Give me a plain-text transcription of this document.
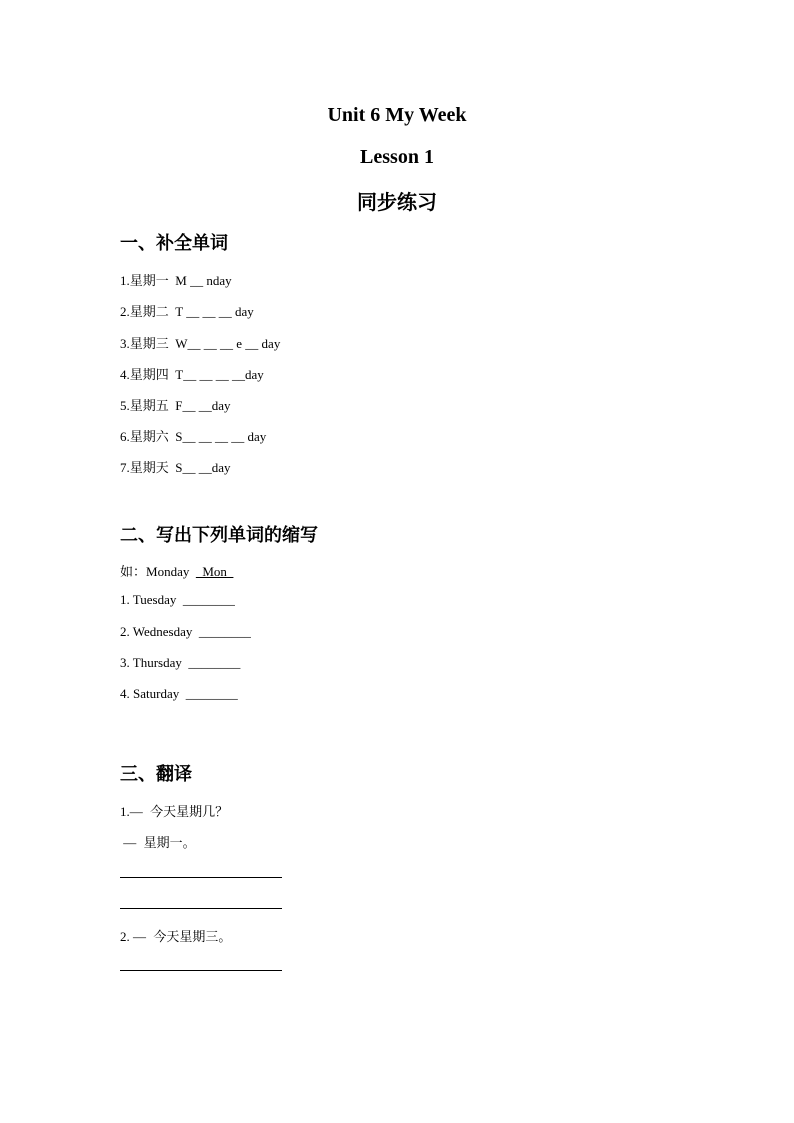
Unit 6 My Week
Lesson 1
同步练习
一、补全单词
1.星期一  M __ nday
2.星期二  T __ __ __ day
3.星期三  W__ __ __ e __ day
4.星期四  T__ __ __ __day
5.星期五  F__ __day
6.星期六  S__ __ __ __ day
7.星期天  S__ __day
二、写出下列单词的缩写
如：Monday    Mon
1. Tuesday  ________
2. Wednesday  ________
3. Thursday  ________
4. Saturday  ________
三、翻译
1.—  今天星期几？
—  星期一。
2. —  今天星期三。
